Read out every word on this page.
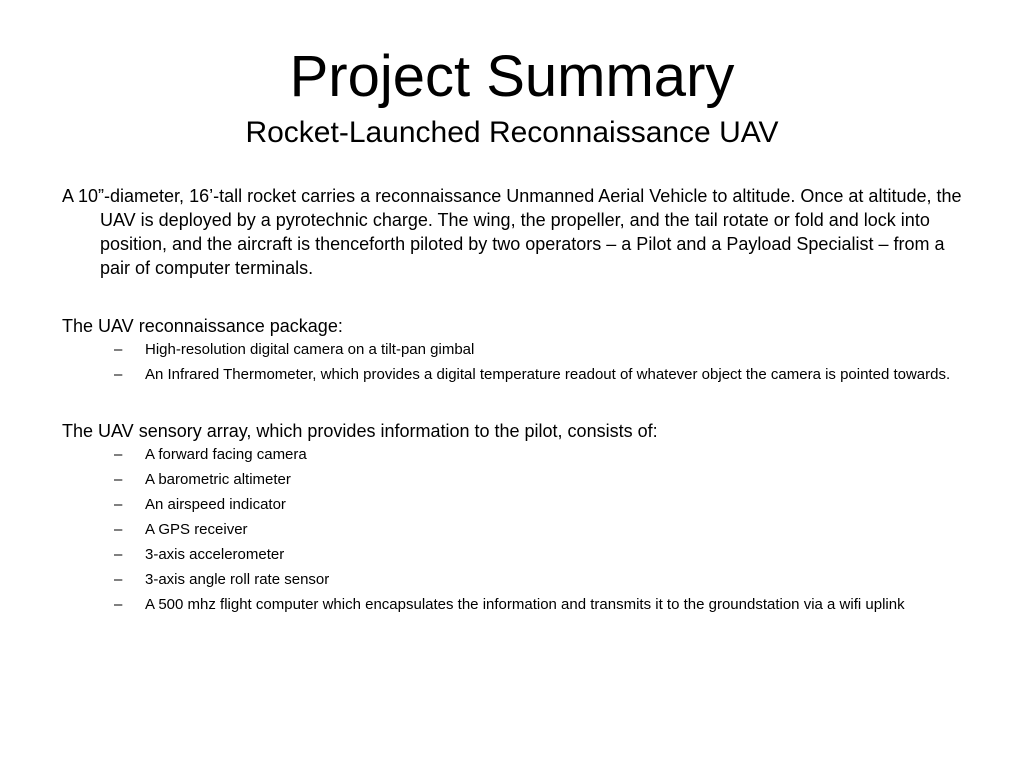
Project Summary
Rocket-Launched Reconnaissance UAV

A 10”-diameter, 16’-tall rocket carries a reconnaissance Unmanned Aerial Vehicle to altitude. Once at altitude, the UAV is deployed by a pyrotechnic charge. The wing, the propeller, and the tail rotate or fold and lock into position, and the aircraft is thenceforth piloted by two operators – a Pilot and a Payload Specialist – from a pair of computer terminals.

The UAV reconnaissance package:

– High-resolution digital camera on a tilt-pan gimbal
– An Infrared Thermometer, which provides a digital temperature readout of whatever object the camera is pointed towards.

The UAV sensory array, which provides information to the pilot, consists of:

– A forward facing camera
– A barometric altimeter
– An airspeed indicator
– A GPS receiver
– 3-axis accelerometer
– 3-axis angle roll rate sensor
– A 500 mhz flight computer which encapsulates the information and transmits it to the groundstation via a wifi uplink
